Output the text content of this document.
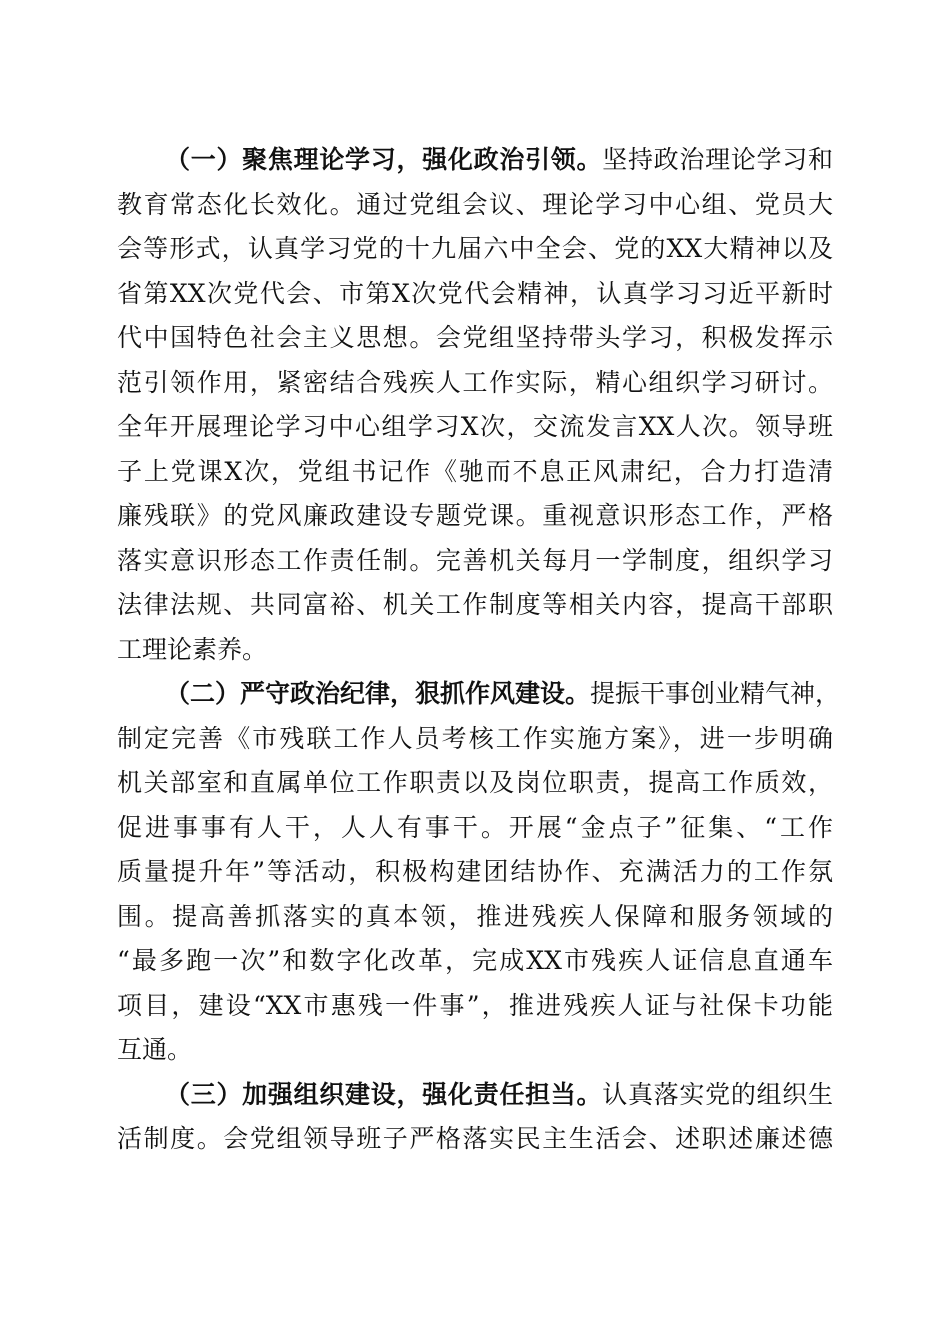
（一）聚焦理论学习，强化政治引领。坚持政治理论学习和
教育常态化长效化。通过党组会议、理论学习中心组、党员大
会等形式，认真学习党的十九届六中全会、党的XX大精神以及
省第XX次党代会、市第X次党代会精神，认真学习习近平新时
代中国特色社会主义思想。会党组坚持带头学习，积极发挥示
范引领作用，紧密结合残疾人工作实际，精心组织学习研讨。
全年开展理论学习中心组学习X次，交流发言XX人次。领导班
子上党课X次，党组书记作《驰而不息正风肃纪，合力打造清
廉残联》的党风廉政建设专题党课。重视意识形态工作，严格
落实意识形态工作责任制。完善机关每月一学制度，组织学习
法律法规、共同富裕、机关工作制度等相关内容，提高干部职
工理论素养。
（二）严守政治纪律，狠抓作风建设。提振干事创业精气神，
制定完善《市残联工作人员考核工作实施方案》，进一步明确
机关部室和直属单位工作职责以及岗位职责，提高工作质效，
促进事事有人干，人人有事干。开展“金点子”征集、“工作
质量提升年”等活动，积极构建团结协作、充满活力的工作氛
围。提高善抓落实的真本领，推进残疾人保障和服务领域的
“最多跑一次”和数字化改革，完成XX市残疾人证信息直通车
项目，建设“XX市惠残一件事”，推进残疾人证与社保卡功能
互通。
（三）加强组织建设，强化责任担当。认真落实党的组织生
活制度。会党组领导班子严格落实民主生活会、述职述廉述德
